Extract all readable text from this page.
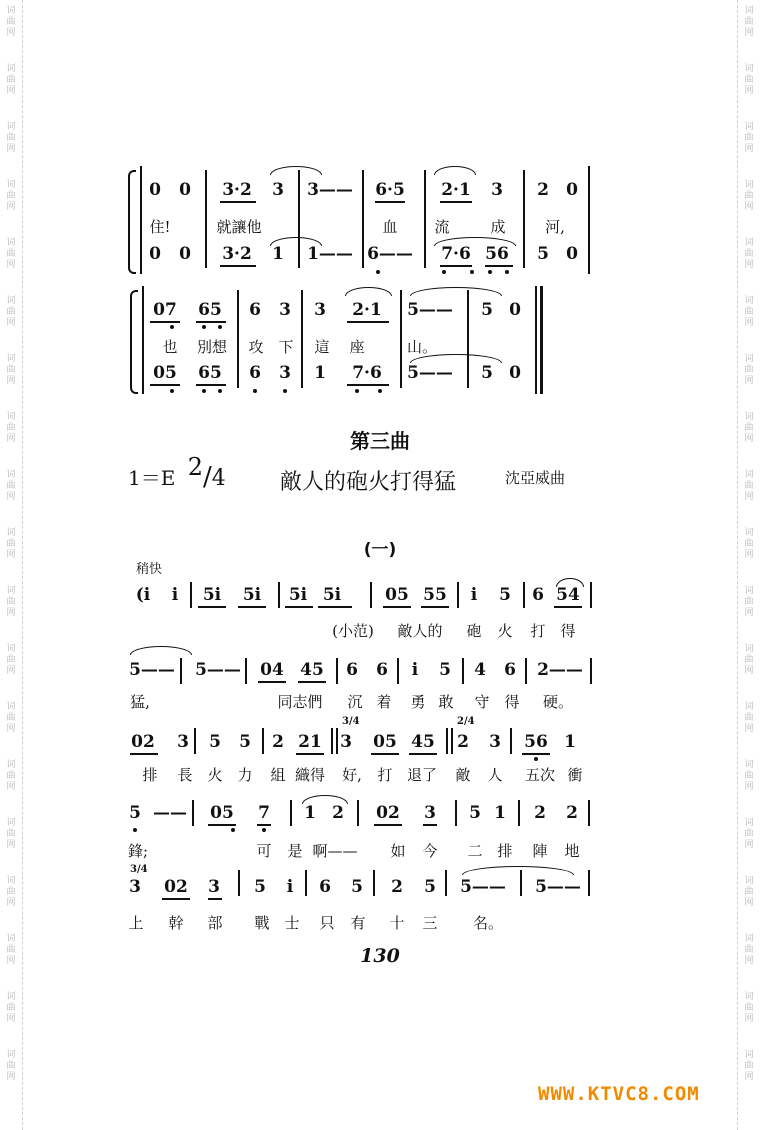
词
曲
网
词
曲
网
词
曲
网
词
曲
网
词
曲
网
词
曲
网
词
曲
网
词
曲
网
词
曲
网
词
曲
网
词
曲
网
词
曲
网
词
曲
网
词
曲
网
词
曲
网
词
曲
网
词
曲
网
词
曲
网
词
曲
网
词
曲
网
词
曲
网
词
曲
网
词
曲
网
词
曲
网
词
曲
网
词
曲
网
词
曲
网
词
曲
网
词
曲
网
词
曲
网
词
曲
网
词
曲
网
词
曲
网
词
曲
网
词
曲
网
词
曲
网
词
曲
网
词
曲
网
0 0 3·2 3 3—— 6·5 2·1 3 2 0
住!	就讓他	血 流	成	河,
0 0 3·2 1 1—— 6—— 7·6 56 5 0
07 65 6 3 3 2·1 5—— 5 0
也 別想 攻 下 這 座	山。
05 65 6 3 1 7·6 5—— 5 0
第三曲
1＝E 2/4 敵人的砲火打得猛	沈亞威曲
(一)
稍快
(i i 5i 5i 5i 5i	05 55 i 5 6 54
(小范) 敵人的 砲 火 打 得
5—— 5—— 04 45 6 6 i 5 4 6 2——
猛,	同志們 沉 着 勇 敢 守 得 硬。
3/4	2/4
02 3 5 5 2 21 3 05 45 2 3 56 1
排 長 火 力 組 織得 好, 打 退了 敵 人 五次 衝
5 —— 05 7 1 2 02 3 5 1 2 2
鋒;	可 是 啊—— 如 今 二 排 陣 地
3/4
3 02 3 5 i 6 5 2 5 5—— 5——
上 幹 部 戰 士 只 有 十 三 名。
130
WWW.KTVC8.COM
